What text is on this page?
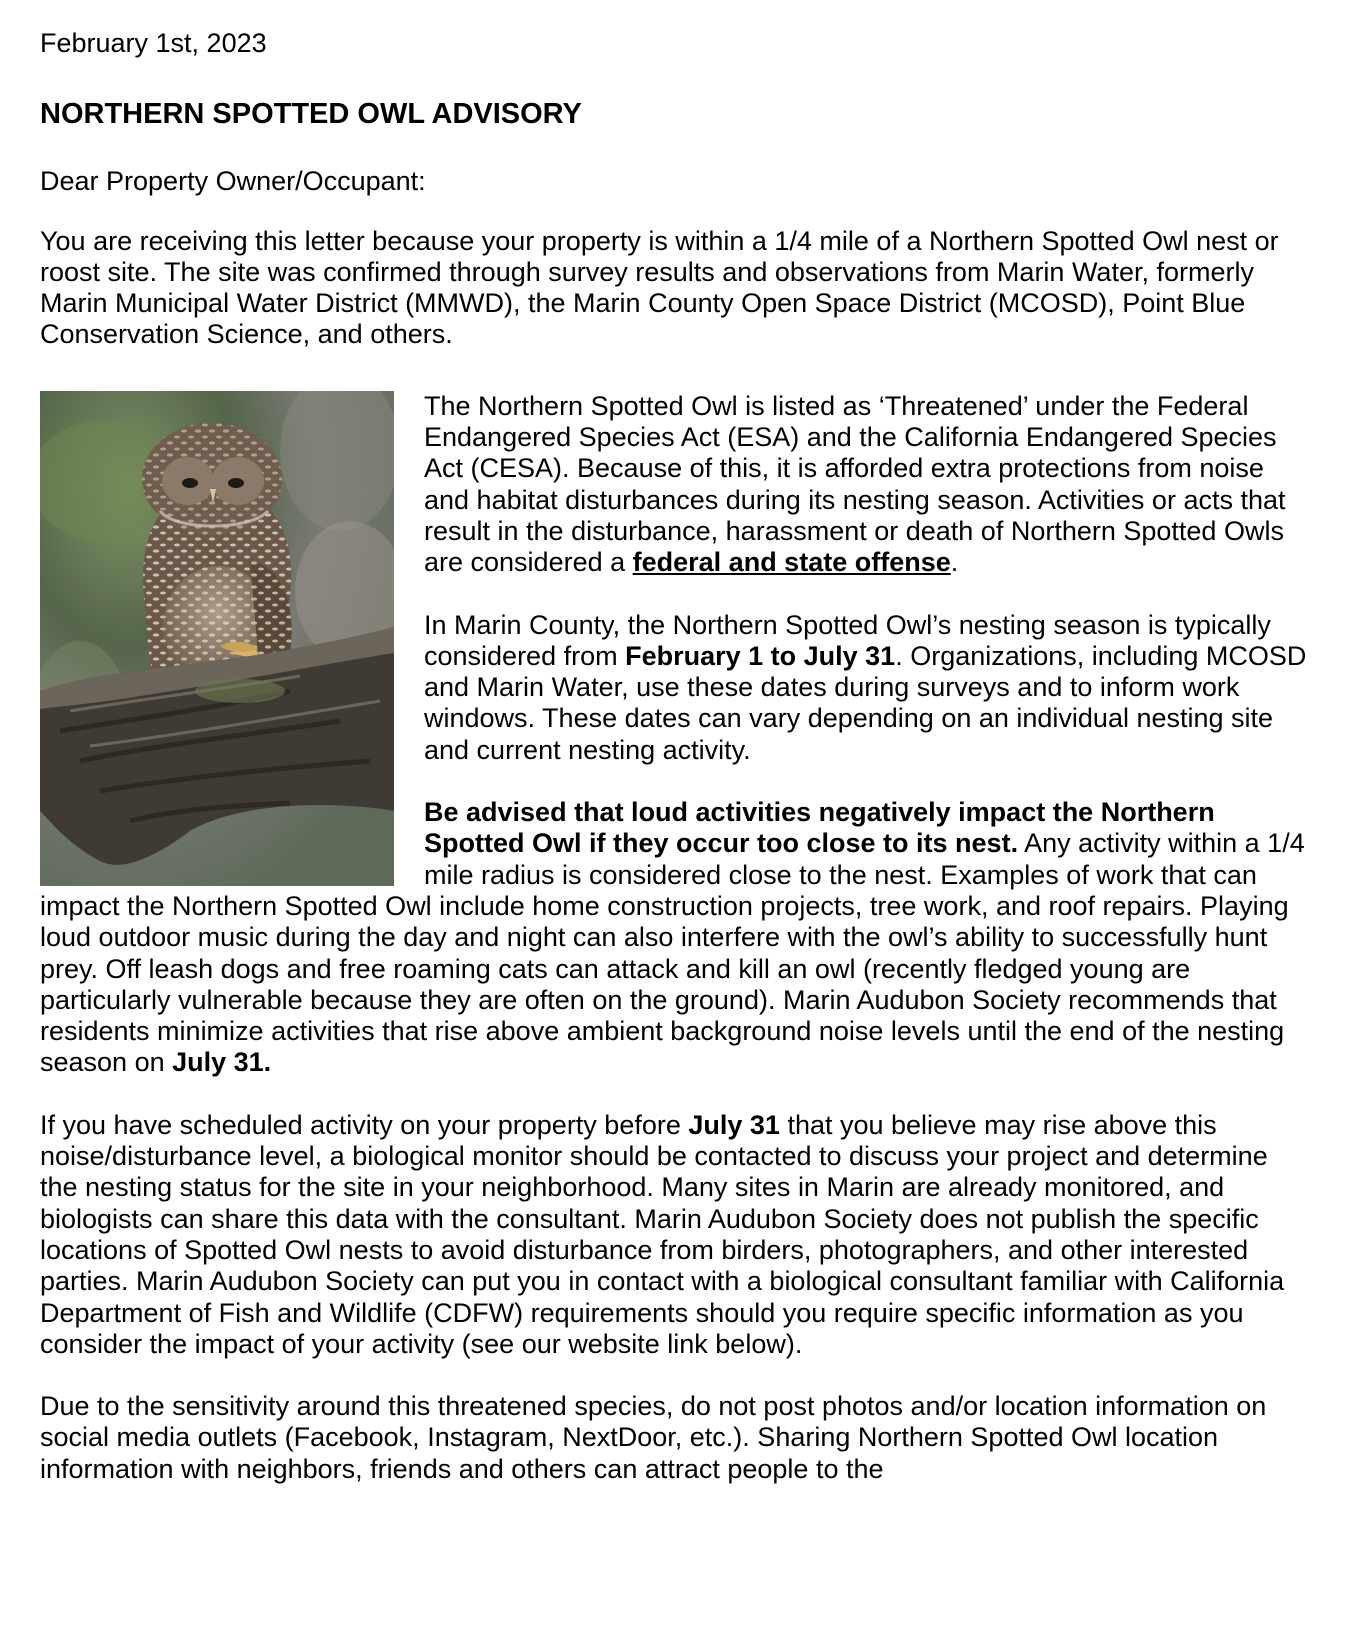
February 1st, 2023

NORTHERN SPOTTED OWL ADVISORY

Dear Property Owner/Occupant:

You are receiving this letter because your property is within a 1/4 mile of a Northern Spotted Owl nest or roost site. The site was confirmed through survey results and observations from Marin Water, formerly Marin Municipal Water District (MMWD), the Marin County Open Space District (MCOSD), Point Blue Conservation Science, and others.

The Northern Spotted Owl is listed as ‘Threatened’ under the Federal Endangered Species Act (ESA) and the California Endangered Species Act (CESA). Because of this, it is afforded extra protections from noise and habitat disturbances during its nesting season. Activities or acts that result in the disturbance, harassment or death of Northern Spotted Owls are considered a federal and state offense.

In Marin County, the Northern Spotted Owl’s nesting season is typically considered from February 1 to July 31. Organizations, including MCOSD and Marin Water, use these dates during surveys and to inform work windows. These dates can vary depending on an individual nesting site and current nesting activity.

Be advised that loud activities negatively impact the Northern Spotted Owl if they occur too close to its nest. Any activity within a 1/4 mile radius is considered close to the nest. Examples of work that can impact the Northern Spotted Owl include home construction projects, tree work, and roof repairs. Playing loud outdoor music during the day and night can also interfere with the owl’s ability to successfully hunt prey. Off leash dogs and free roaming cats can attack and kill an owl (recently fledged young are particularly vulnerable because they are often on the ground). Marin Audubon Society recommends that residents minimize activities that rise above ambient background noise levels until the end of the nesting season on July 31.

If you have scheduled activity on your property before July 31 that you believe may rise above this noise/disturbance level, a biological monitor should be contacted to discuss your project and determine the nesting status for the site in your neighborhood. Many sites in Marin are already monitored, and biologists can share this data with the consultant. Marin Audubon Society does not publish the specific locations of Spotted Owl nests to avoid disturbance from birders, photographers, and other interested parties. Marin Audubon Society can put you in contact with a biological consultant familiar with California Department of Fish and Wildlife (CDFW) requirements should you require specific information as you consider the impact of your activity (see our website link below).

Due to the sensitivity around this threatened species, do not post photos and/or location information on social media outlets (Facebook, Instagram, NextDoor, etc.). Sharing Northern Spotted Owl location information with neighbors, friends and others can attract people to the
